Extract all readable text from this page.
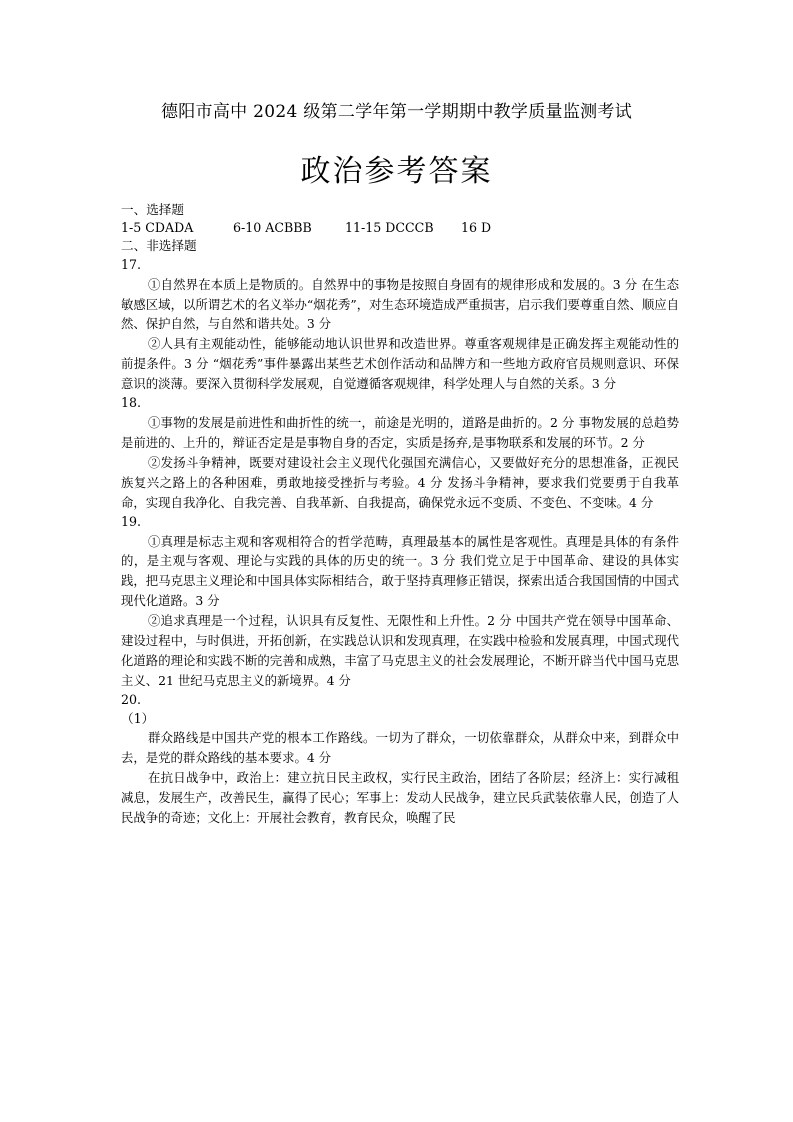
德阳市高中 2024 级第二学年第一学期期中教学质量监测考试
政治参考答案
一、选择题
1-5 CDADA	6-10 ACBBB	11-15 DCCCB	16 D
二、非选择题
17.

①自然界在本质上是物质的。自然界中的事物是按照自身固有的规律形成和发展的。3 分 在生态敏感区域，以所谓艺术的名义举办“烟花秀”，对生态环境造成严重损害，启示我们要尊重自然、顺应自然、保护自然，与自然和谐共处。3 分

②人具有主观能动性，能够能动地认识世界和改造世界。尊重客观规律是正确发挥主观能动性的前提条件。3 分 “烟花秀”事件暴露出某些艺术创作活动和品牌方和一些地方政府官员规则意识、环保意识的淡薄。要深入贯彻科学发展观，自觉遵循客观规律，科学处理人与自然的关系。3 分

18.

①事物的发展是前进性和曲折性的统一，前途是光明的，道路是曲折的。2 分 事物发展的总趋势是前进的、上升的，辩证否定是是事物自身的否定，实质是扬弃,是事物联系和发展的环节。2 分

②发扬斗争精神，既要对建设社会主义现代化强国充满信心，又要做好充分的思想准备，正视民族复兴之路上的各种困难，勇敢地接受挫折与考验。4 分 发扬斗争精神，要求我们党要勇于自我革命，实现自我净化、自我完善、自我革新、自我提高，确保党永远不变质、不变色、不变味。4 分

19.

①真理是标志主观和客观相符合的哲学范畴，真理最基本的属性是客观性。真理是具体的有条件的，是主观与客观、理论与实践的具体的历史的统一。3 分 我们党立足于中国革命、建设的具体实践，把马克思主义理论和中国具体实际相结合，敢于坚持真理修正错误，探索出适合我国国情的中国式现代化道路。3 分

②追求真理是一个过程，认识具有反复性、无限性和上升性。2 分 中国共产党在领导中国革命、建设过程中，与时俱进，开拓创新，在实践总认识和发现真理，在实践中检验和发展真理，中国式现代化道路的理论和实践不断的完善和成熟，丰富了马克思主义的社会发展理论，不断开辟当代中国马克思主义、21 世纪马克思主义的新境界。4 分

20.
（1）

群众路线是中国共产党的根本工作路线。一切为了群众，一切依靠群众，从群众中来，到群众中去，是党的群众路线的基本要求。4 分

在抗日战争中，政治上：建立抗日民主政权，实行民主政治，团结了各阶层；经济上：实行减租减息，发展生产，改善民生，赢得了民心；军事上：发动人民战争，建立民兵武装依靠人民，创造了人民战争的奇迹；文化上：开展社会教育，教育民众，唤醒了民
